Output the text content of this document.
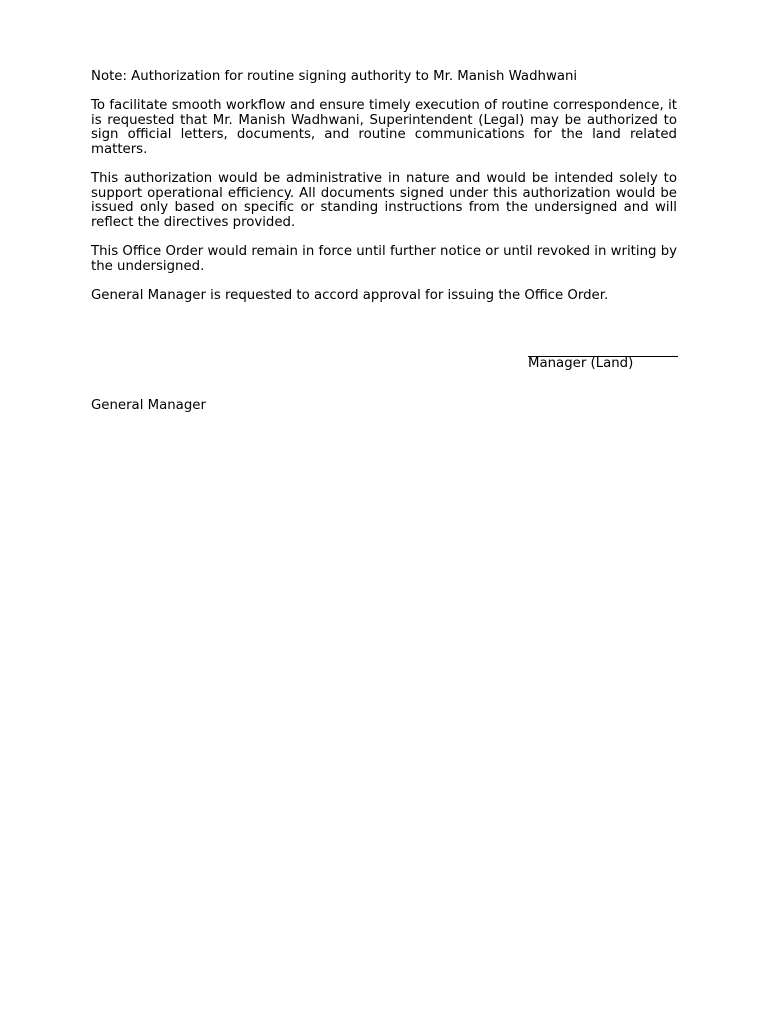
Note: Authorization for routine signing authority to Mr. Manish Wadhwani

To facilitate smooth workflow and ensure timely execution of routine correspondence, it is requested that Mr. Manish Wadhwani, Superintendent (Legal) may be authorized to sign official letters, documents, and routine communications for the land related matters.

This authorization would be administrative in nature and would be intended solely to support operational efficiency. All documents signed under this authorization would be issued only based on specific or standing instructions from the undersigned and will reflect the directives provided.

This Office Order would remain in force until further notice or until revoked in writing by the undersigned.

General Manager is requested to accord approval for issuing the Office Order.

Manager (Land)
General Manager
